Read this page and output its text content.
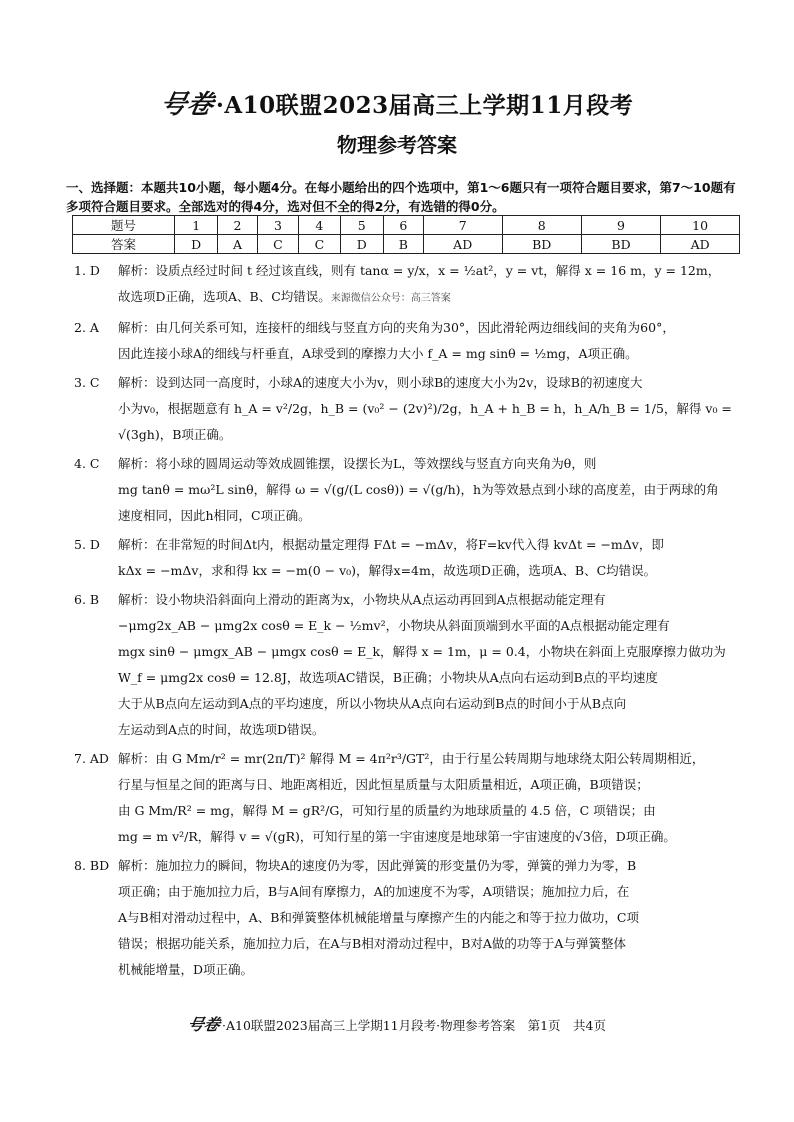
号卷·A10联盟2023届高三上学期11月段考
物理参考答案
一、选择题：本题共10小题，每小题4分。在每小题给出的四个选项中，第1～6题只有一项符合题目要求，第7～10题有多项符合题目要求。全部选对的得4分，选对但不全的得2分，有选错的得0分。
题号	1	2	3	4	5	6	7	8	9	10
答案	D	A	C	C	D	B	AD	BD	BD	AD
1. D	解析：设质点经过时间 t 经过该直线，则有 tanα = y/x，x = ½at²，y = vt，解得 x = 16 m，y = 12m，

故选项D正确，选项A、B、C均错误。来源微信公众号：高三答案

2. A	解析：由几何关系可知，连接杆的细线与竖直方向的夹角为30°，因此滑轮两边细线间的夹角为60°，

因此连接小球A的细线与杆垂直，A球受到的摩擦力大小 f_A = mg sinθ = ½mg，A项正确。

3. C	解析：设到达同一高度时，小球A的速度大小为v，则小球B的速度大小为2v，设球B的初速度大

小为v₀，根据题意有 h_A = v²/2g，h_B = (v₀² − (2v)²)/2g，h_A + h_B = h，h_A/h_B = 1/5，解得 v₀ = √(3gh)，B项正确。

4. C	解析：将小球的圆周运动等效成圆锥摆，设摆长为L，等效摆线与竖直方向夹角为θ，则

mg tanθ = mω²L sinθ，解得 ω = √(g/(L cosθ)) = √(g/h)，h为等效悬点到小球的高度差，由于两球的角

速度相同，因此h相同，C项正确。

5. D	解析：在非常短的时间Δt内，根据动量定理得 FΔt = −mΔv，将F=kv代入得 kvΔt = −mΔv，即

kΔx = −mΔv，求和得 kx = −m(0 − v₀)，解得x=4m，故选项D正确，选项A、B、C均错误。

6. B	解析：设小物块沿斜面向上滑动的距离为x，小物块从A点运动再回到A点根据动能定理有

−μmg2x_AB − μmg2x cosθ = E_k − ½mv²，小物块从斜面顶端到水平面的A点根据动能定理有

mgx sinθ − μmgx_AB − μmgx cosθ = E_k，解得 x = 1m，μ = 0.4，小物块在斜面上克服摩擦力做功为

W_f = μmg2x cosθ = 12.8J，故选项AC错误，B正确；小物块从A点向右运动到B点的平均速度

大于从B点向左运动到A点的平均速度，所以小物块从A点向右运动到B点的时间小于从B点向

左运动到A点的时间，故选项D错误。

7. AD 解析：由 G Mm/r² = mr(2π/T)² 解得 M = 4π²r³/GT²，由于行星公转周期与地球绕太阳公转周期相近，

行星与恒星之间的距离与日、地距离相近，因此恒星质量与太阳质量相近，A项正确，B项错误；

由 G Mm/R² = mg，解得 M = gR²/G，可知行星的质量约为地球质量的 4.5 倍，C 项错误；由

mg = m v²/R，解得 v = √(gR)，可知行星的第一宇宙速度是地球第一宇宙速度的√3倍，D项正确。

8. BD 解析：施加拉力的瞬间，物块A的速度仍为零，因此弹簧的形变量仍为零，弹簧的弹力为零，B

项正确；由于施加拉力后，B与A间有摩擦力，A的加速度不为零，A项错误；施加拉力后，在

A与B相对滑动过程中，A、B和弹簧整体机械能增量与摩擦产生的内能之和等于拉力做功，C项

错误；根据功能关系，施加拉力后，在A与B相对滑动过程中，B对A做的功等于A与弹簧整体

机械能增量，D项正确。

号卷·A10联盟2023届高三上学期11月段考·物理参考答案　第1页　共4页
